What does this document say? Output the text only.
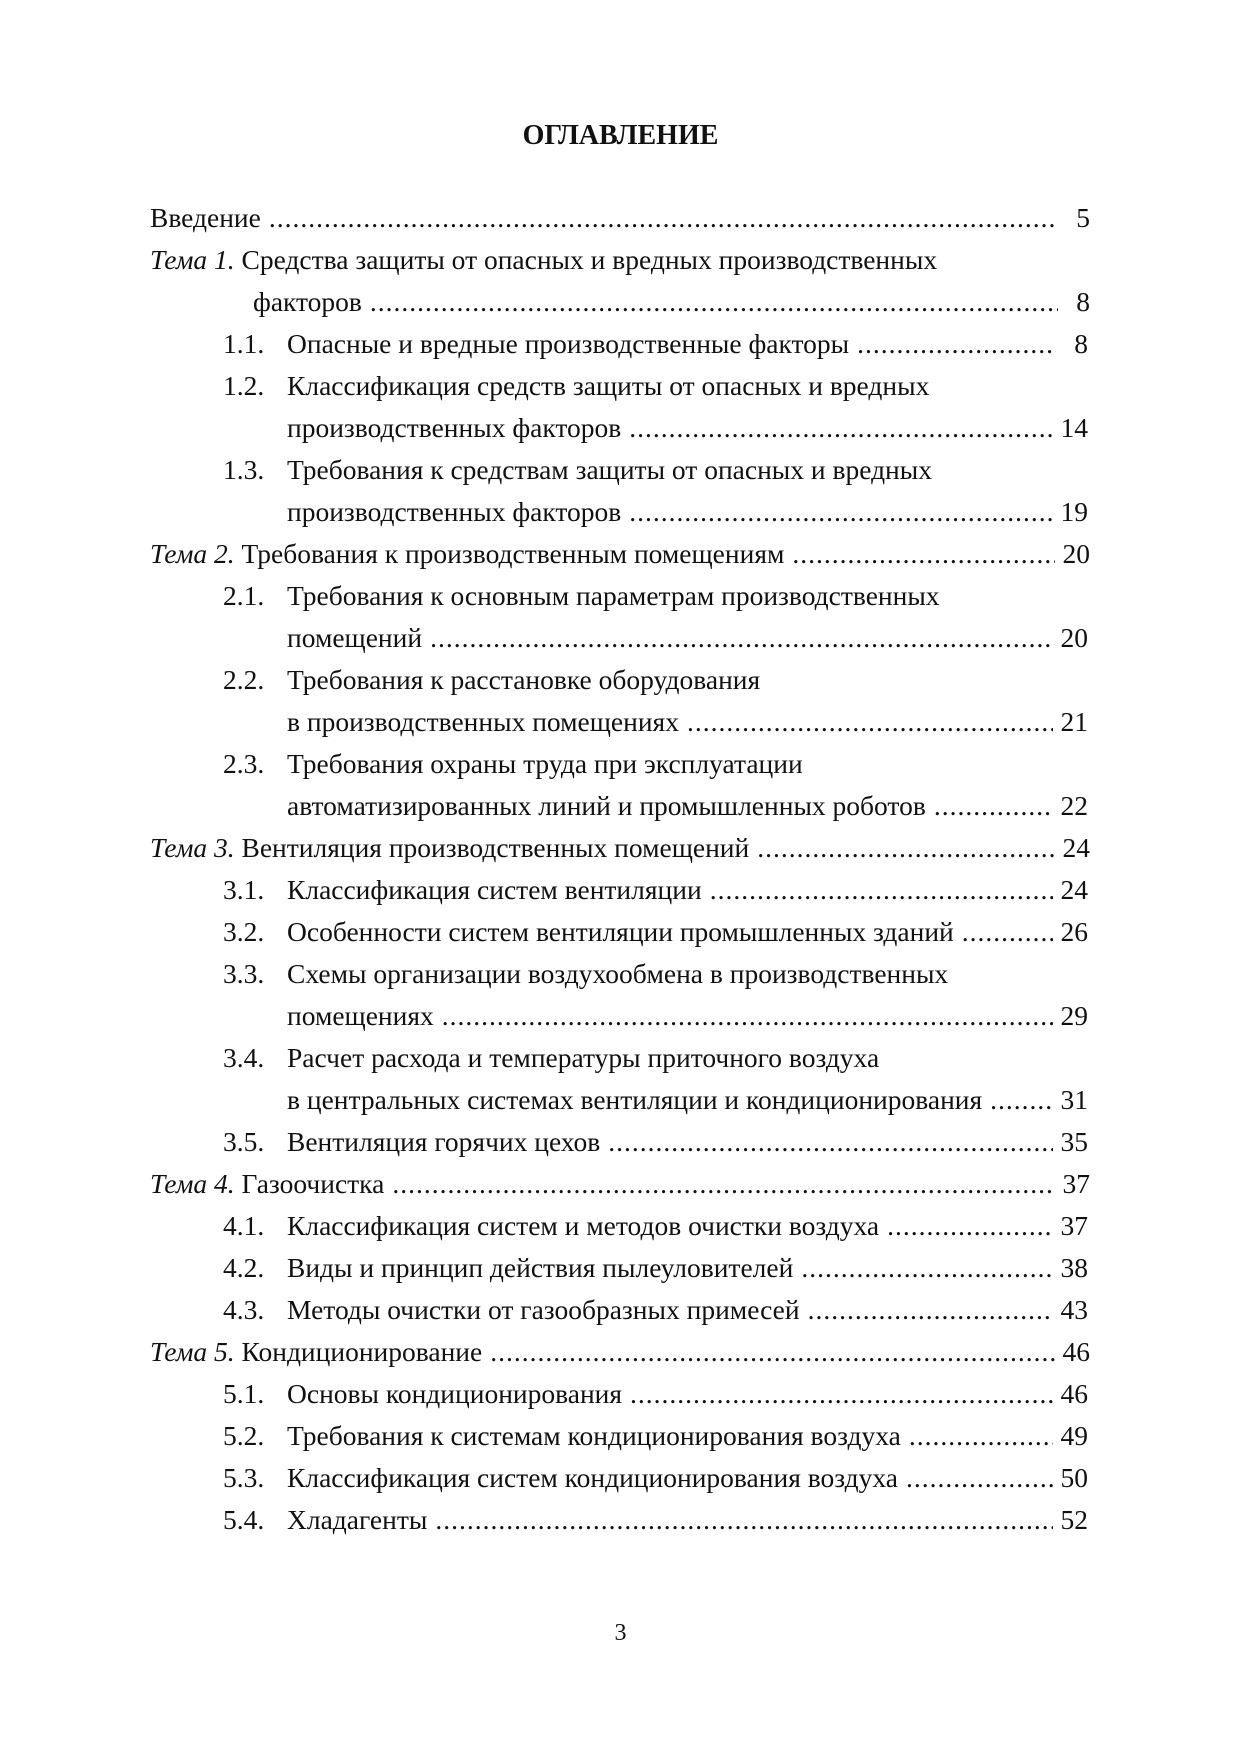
ОГЛАВЛЕНИЕ
Введение .....	5
Тема 1.
Средства защиты от опасных и вредных производственных
факторов .....	8
1.1. Опасные и вредные производственные факторы .....	8
1.2. Классификация средств защиты от опасных и вредных
производственных факторов .....	14
1.3. Требования к средствам защиты от опасных и вредных
производственных факторов .....	19
Тема 2.
Требования к производственным помещениям .....	20
2.1. Требования к основным параметрам производственных
помещений .....	20
2.2. Требования к расстановке оборудования
в производственных помещениях .....	21
2.3. Требования охраны труда при эксплуатации
автоматизированных линий и промышленных роботов .....	22
Тема 3.
Вентиляция производственных помещений .....	24
3.1. Классификация систем вентиляции .....	24
3.2. Особенности систем вентиляции промышленных зданий .....	26
3.3. Схемы организации воздухообмена в производственных
помещениях .....	29
3.4. Расчет расхода и температуры приточного воздуха
в центральных системах вентиляции и кондиционирования .....	31
3.5. Вентиляция горячих цехов .....	35
Тема 4.
Газоочистка .....	37
4.1. Классификация систем и методов очистки воздуха .....	37
4.2. Виды и принцип действия пылеуловителей .....	38
4.3. Методы очистки от газообразных примесей .....	43
Тема 5.
Кондиционирование .....	46
5.1. Основы кондиционирования .....	46
5.2. Требования к системам кондиционирования воздуха .....	49
5.3. Классификация систем кондиционирования воздуха .....	50
5.4. Хладагенты .....	52
3
